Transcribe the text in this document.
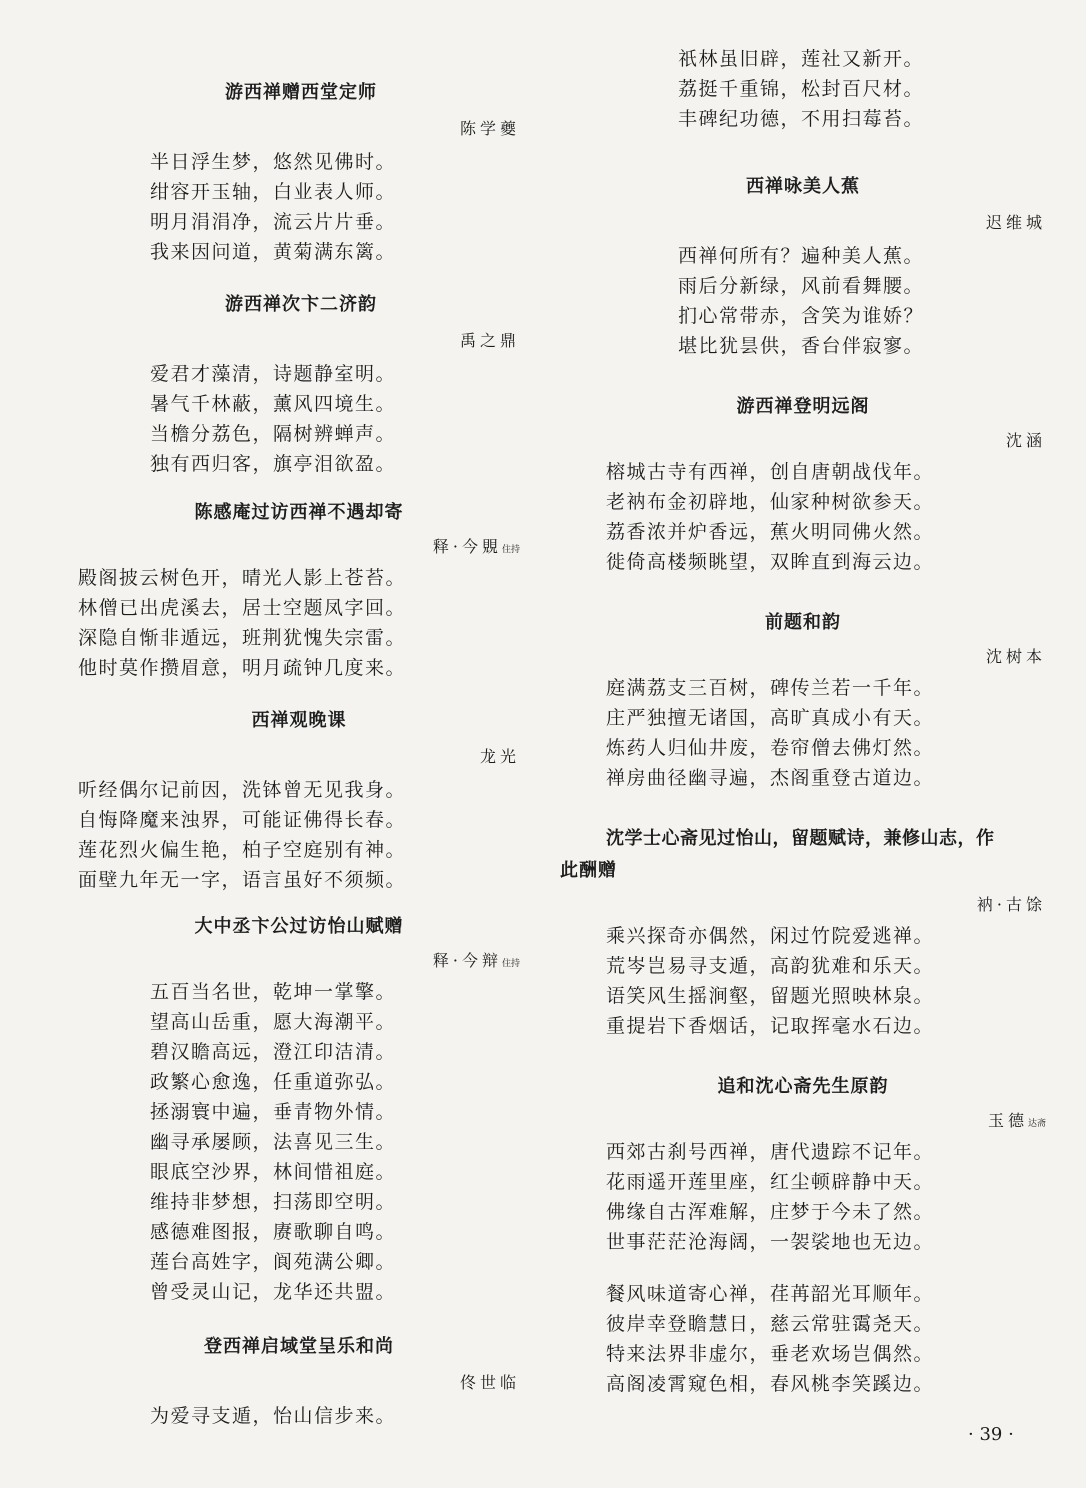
游西禅赠西堂定师
陈学夔
半日浮生梦，悠然见佛时。
绀容开玉轴，白业表人师。
明月涓涓净，流云片片垂。
我来因问道，黄菊满东篱。
游西禅次卞二济韵
禹之鼎
爱君才藻清，诗题静室明。
暑气千林蔽，薰风四境生。
当檐分荔色，隔树辨蝉声。
独有西归客，旗亭泪欲盈。
陈感庵过访西禅不遇却寄
释·今覞住持
殿阁披云树色开，晴光人影上苍苔。
林僧已出虎溪去，居士空题凤字回。
深隐自惭非遁远，班荆犹愧失宗雷。
他时莫作攒眉意，明月疏钟几度来。
西禅观晚课
龙光
听经偶尔记前因，洗钵曾无见我身。
自悔降魔来浊界，可能证佛得长春。
莲花烈火偏生艳，柏子空庭别有神。
面壁九年无一字，语言虽好不须频。
大中丞卞公过访怡山赋赠
释·今辩住持
五百当名世，乾坤一掌擎。
望高山岳重，愿大海潮平。
碧汉瞻高远，澄江印洁清。
政繁心愈逸，任重道弥弘。
拯溺寰中遍，垂青物外情。
幽寻承屡顾，法喜见三生。
眼底空沙界，林间惜祖庭。
维持非梦想，扫荡即空明。
感德难图报，赓歌聊自鸣。
莲台高姓字，阆苑满公卿。
曾受灵山记，龙华还共盟。
登西禅启域堂呈乐和尚
佟世临
为爱寻支遁，怡山信步来。
祇林虽旧辟，莲社又新开。
荔挺千重锦，松封百尺材。
丰碑纪功德，不用扫莓苔。
西禅咏美人蕉
迟维城
西禅何所有？遍种美人蕉。
雨后分新绿，风前看舞腰。
扪心常带赤，含笑为谁娇？
堪比犹昙供，香台伴寂寥。
游西禅登明远阁
沈涵
榕城古寺有西禅，创自唐朝战伐年。
老衲布金初辟地，仙家种树欲参天。
荔香浓并炉香远，蕉火明同佛火然。
徙倚高楼频眺望，双眸直到海云边。
前题和韵
沈树本
庭满荔支三百树，碑传兰若一千年。
庄严独擅无诸国，高旷真成小有天。
炼药人归仙井废，卷帘僧去佛灯然。
禅房曲径幽寻遍，杰阁重登古道边。
沈学士心斋见过怡山，留题赋诗，兼修山志，作
此酬赠
衲·古馀
乘兴探奇亦偶然，闲过竹院爱逃禅。
荒岑岂易寻支遁，高韵犹难和乐天。
语笑风生摇涧壑，留题光照映林泉。
重提岩下香烟话，记取挥毫水石边。
追和沈心斋先生原韵
玉德达斋
西郊古刹号西禅，唐代遗踪不记年。
花雨遥开莲里座，红尘顿辟静中天。
佛缘自古浑难解，庄梦于今未了然。
世事茫茫沧海阔，一袈裟地也无边。
餐风味道寄心禅，荏苒韶光耳顺年。
彼岸幸登瞻慧日，慈云常驻霭尧天。
特来法界非虚尔，垂老欢场岂偶然。
高阁凌霄窥色相，春风桃李笑蹊边。
· 39 ·
